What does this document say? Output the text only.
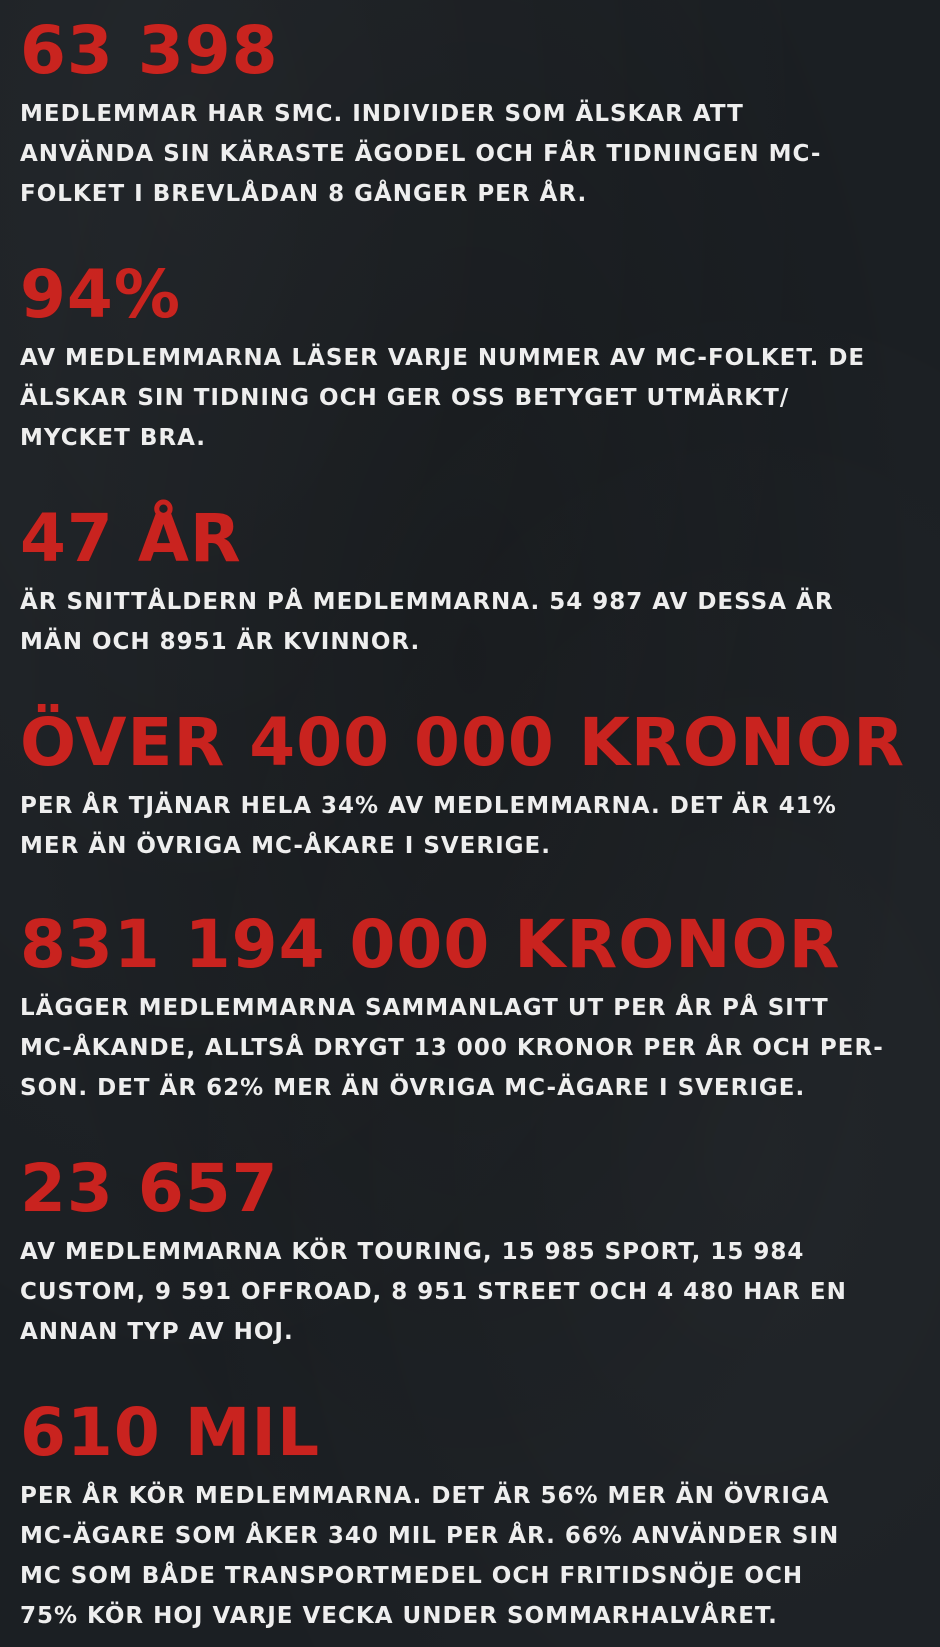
63 398

MEDLEMMAR HAR SMC. INDIVIDER SOM ÄLSKAR ATT
ANVÄNDA SIN KÄRASTE ÄGODEL OCH FÅR TIDNINGEN MC-
FOLKET I BREVLÅDAN 8 GÅNGER PER ÅR.

94%

AV MEDLEMMARNA LÄSER VARJE NUMMER AV MC-FOLKET. DE
ÄLSKAR SIN TIDNING OCH GER OSS BETYGET UTMÄRKT/
MYCKET BRA.

47 ÅR

ÄR SNITTÅLDERN PÅ MEDLEMMARNA. 54 987 AV DESSA ÄR
MÄN OCH 8951 ÄR KVINNOR.

ÖVER 400 000 KRONOR

PER ÅR TJÄNAR HELA 34% AV MEDLEMMARNA. DET ÄR 41%
MER ÄN ÖVRIGA MC-ÅKARE I SVERIGE.

831 194 000 KRONOR

LÄGGER MEDLEMMARNA SAMMANLAGT UT PER ÅR PÅ SITT
MC-ÅKANDE, ALLTSÅ DRYGT 13 000 KRONOR PER ÅR OCH PER-
SON. DET ÄR 62% MER ÄN ÖVRIGA MC-ÄGARE I SVERIGE.

23 657

AV MEDLEMMARNA KÖR TOURING, 15 985 SPORT, 15 984
CUSTOM, 9 591 OFFROAD, 8 951 STREET OCH 4 480 HAR EN
ANNAN TYP AV HOJ.

610 MIL

PER ÅR KÖR MEDLEMMARNA. DET ÄR 56% MER ÄN ÖVRIGA
MC-ÄGARE SOM ÅKER 340 MIL PER ÅR. 66% ANVÄNDER SIN
MC SOM BÅDE TRANSPORTMEDEL OCH FRITIDSNÖJE OCH
75% KÖR HOJ VARJE VECKA UNDER SOMMARHALVÅRET.
